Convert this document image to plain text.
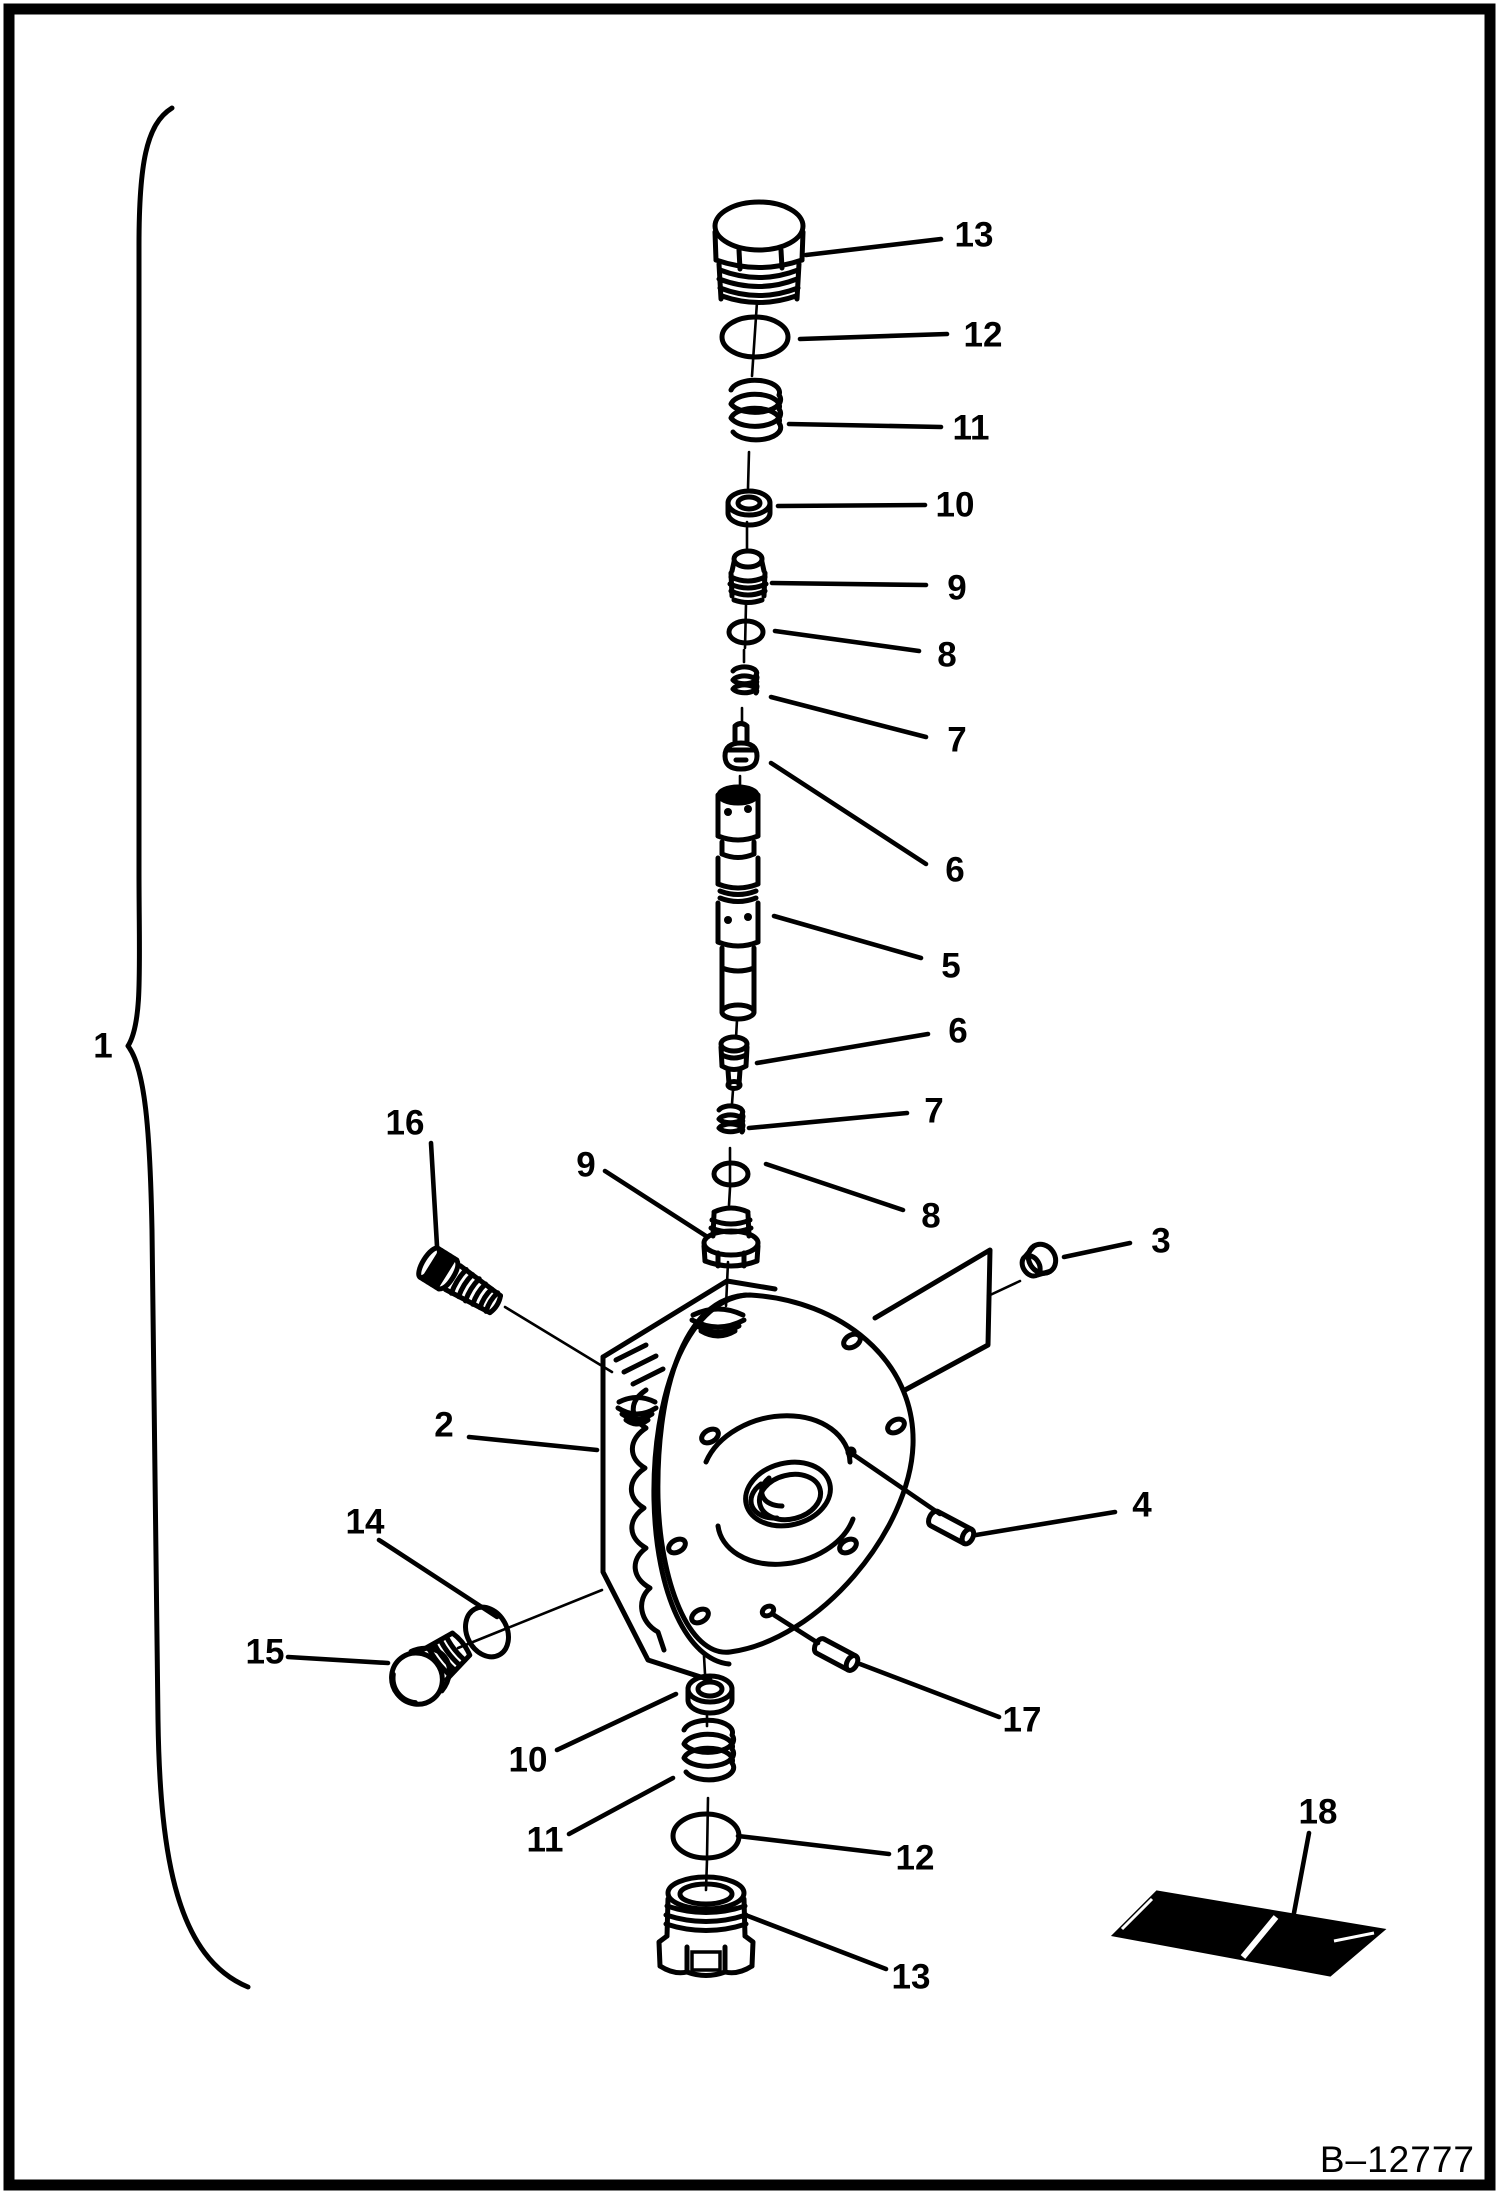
1
2
3
4
5
6
6
7
7
8
8
9
9
10
10
11
11
12
12
13
13
14
15
16
17
18
B–12777
